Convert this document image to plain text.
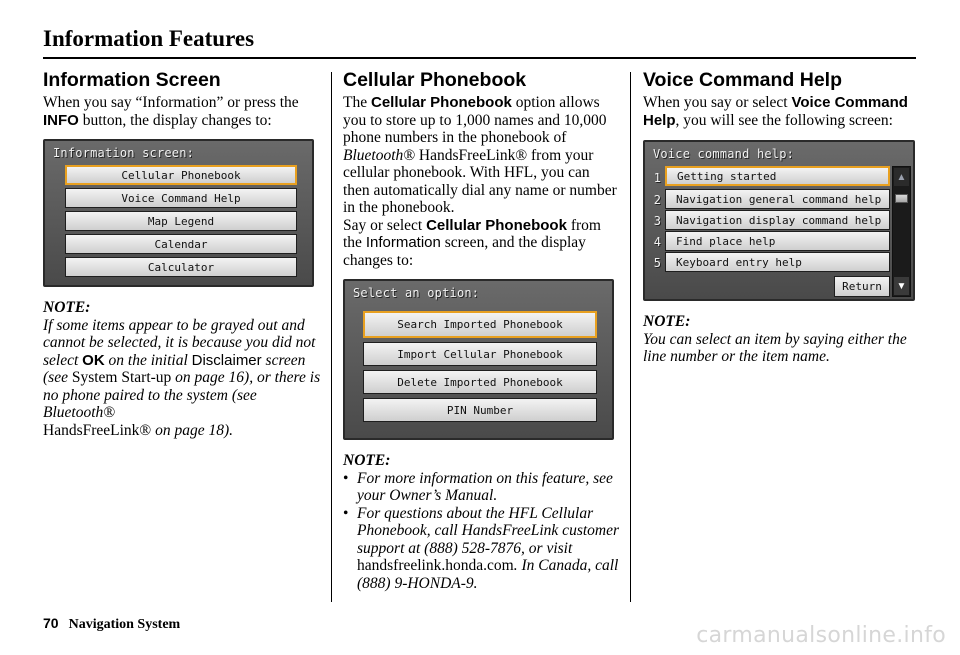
Information Features
Information Screen

When you say “Information” or press the INFO button, the display changes to:

Information screen:
Cellular Phonebook
Voice Command Help
Map Legend
Calendar
Calculator
NOTE:
If some items appear to be grayed out and cannot be selected, it is because you did not select OK on the initial Disclaimer screen (see System Start-up on page 16), or there is no phone paired to the system (see Bluetooth®
HandsFreeLink® on page 18).
Cellular Phonebook

The Cellular Phonebook option allows you to store up to 1,000 names and 10,000 phone numbers in the phonebook of Bluetooth® HandsFreeLink® from your cellular phonebook. With HFL, you can then automatically dial any name or number in the phonebook.
Say or select Cellular Phonebook from the Information screen, and the display changes to:

Select an option:
Search Imported Phonebook
Import Cellular Phonebook
Delete Imported Phonebook
PIN Number
NOTE:
• For more information on this feature, see your Owner’s Manual.
• For questions about the HFL Cellular Phonebook, call HandsFreeLink customer support at (888) 528-7876, or visit handsfreelink.honda.com. In Canada, call (888) 9-HONDA-9.
Voice Command Help

When you say or select Voice Command Help, you will see the following screen:

Voice command help:
1
2
3
4
5
Getting started
Navigation general command help
Navigation display command help
Find place help
Keyboard entry help
Return
▲
▼
NOTE:
You can select an item by saying either the line number or the item name.
70 Navigation System	carmanualsonline.info
